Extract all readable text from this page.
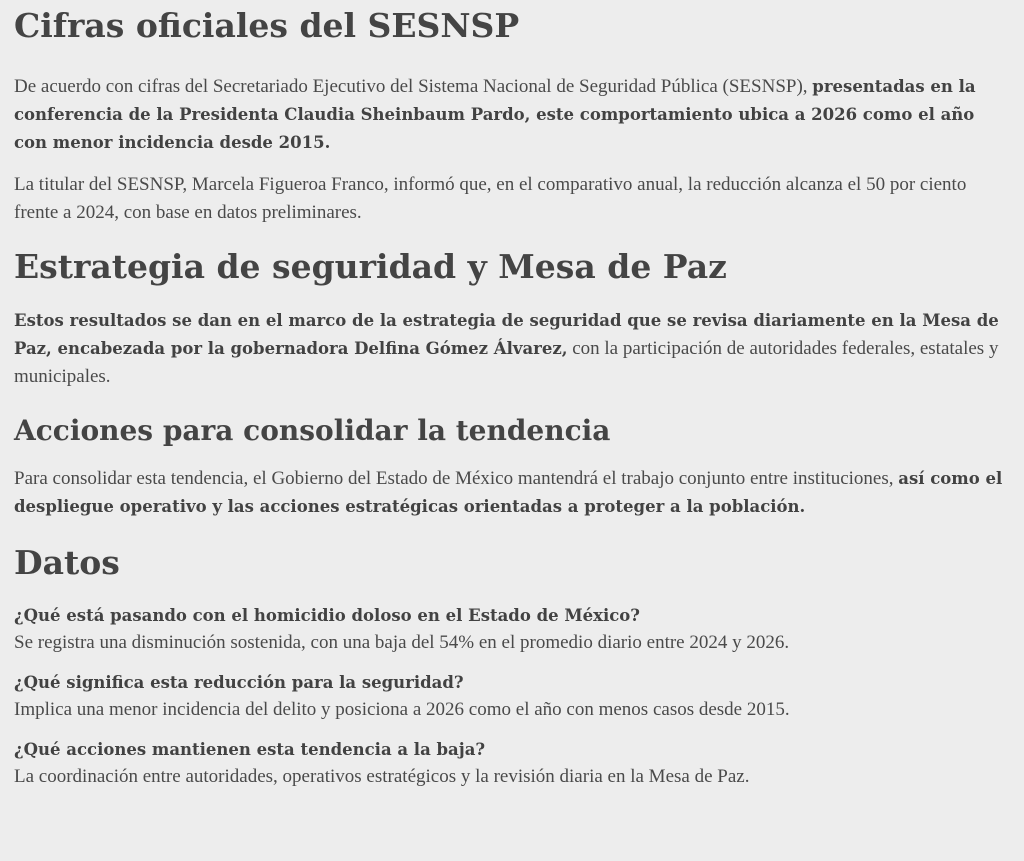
Cifras oficiales del SESNSP

De acuerdo con cifras del Secretariado Ejecutivo del Sistema Nacional de Seguridad Pública (SESNSP), presentadas en la conferencia de la Presidenta Claudia Sheinbaum Pardo, este comportamiento ubica a 2026 como el año con menor incidencia desde 2015.

La titular del SESNSP, Marcela Figueroa Franco, informó que, en el comparativo anual, la reducción alcanza el 50 por ciento frente a 2024, con base en datos preliminares.

Estrategia de seguridad y Mesa de Paz

Estos resultados se dan en el marco de la estrategia de seguridad que se revisa diariamente en la Mesa de Paz, encabezada por la gobernadora Delfina Gómez Álvarez, con la participación de autoridades federales, estatales y municipales.

Acciones para consolidar la tendencia

Para consolidar esta tendencia, el Gobierno del Estado de México mantendrá el trabajo conjunto entre instituciones, así como el despliegue operativo y las acciones estratégicas orientadas a proteger a la población.

Datos
¿Qué está pasando con el homicidio doloso en el Estado de México?
Se registra una disminución sostenida, con una baja del 54% en el promedio diario entre 2024 y 2026.
¿Qué significa esta reducción para la seguridad?
Implica una menor incidencia del delito y posiciona a 2026 como el año con menos casos desde 2015.
¿Qué acciones mantienen esta tendencia a la baja?
La coordinación entre autoridades, operativos estratégicos y la revisión diaria en la Mesa de Paz.
